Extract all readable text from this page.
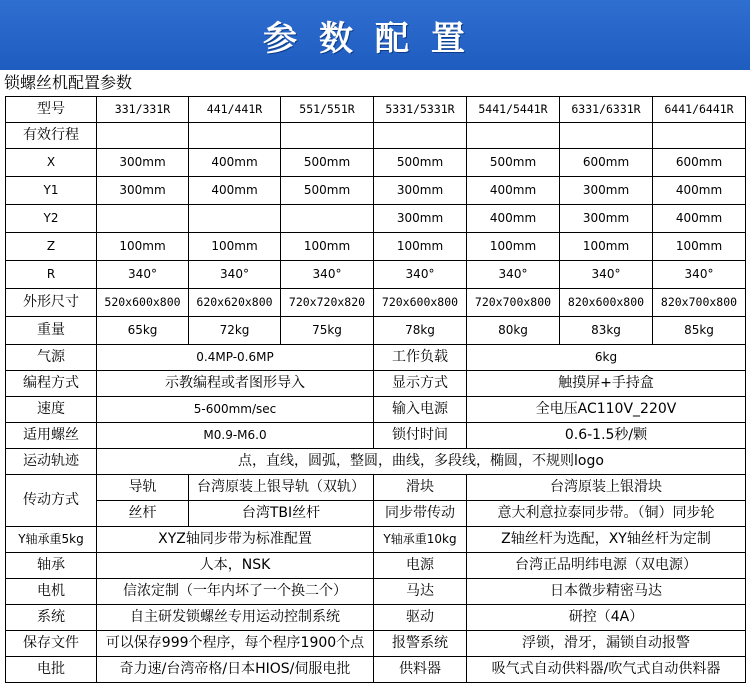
参数配置
锁螺丝机配置参数
型号	331/331R	441/441R	551/551R	5331/5331R	5441/5441R	6331/6331R	6441/6441R
有效行程							
X	300mm	400mm	500mm	500mm	500mm	600mm	600mm
Y1	300mm	400mm	500mm	300mm	400mm	300mm	400mm
Y2				300mm	400mm	300mm	400mm
Z	100mm	100mm	100mm	100mm	100mm	100mm	100mm
R	340°	340°	340°	340°	340°	340°	340°
外形尺寸	520x600x800	620x620x800	720x720x820	720x600x800	720x700x800	820x600x800	820x700x800
重量	65kg	72kg	75kg	78kg	80kg	83kg	85kg
气源	0.4MP-0.6MP			工作负载	6kg		
编程方式	示教编程或者图形导入			显示方式	触摸屏+手持盒		
速度	5-600mm/sec			输入电源	全电压AC110V_220V		
适用螺丝	M0.9-M6.0			锁付时间	0.6-1.5秒/颗		
运动轨迹	点，直线，圆弧，整圆，曲线，多段线，椭圆，不规则logo						
传动方式	导轨	台湾原装上银导轨（双轨）		滑块	台湾原装上银滑块		
	丝杆	台湾TBI丝杆		同步带传动	意大利意拉泰同步带。（铜）同步轮		
Y轴承重5kg	XYZ轴同步带为标准配置			Y轴承重10kg	Z轴丝杆为选配，XY轴丝杆为定制		
轴承	人本，NSK			电源	台湾正品明纬电源（双电源）		
电机	信浓定制（一年内坏了一个换二个）			马达	日本微步精密马达		
系统	自主研发锁螺丝专用运动控制系统			驱动	研控（4A）		
保存文件	可以保存999个程序，每个程序1900个点			报警系统	浮锁，滑牙，漏锁自动报警		
电批	奇力速/台湾帝格/日本HIOS/伺服电批			供料器	吸气式自动供料器/吹气式自动供料器		
